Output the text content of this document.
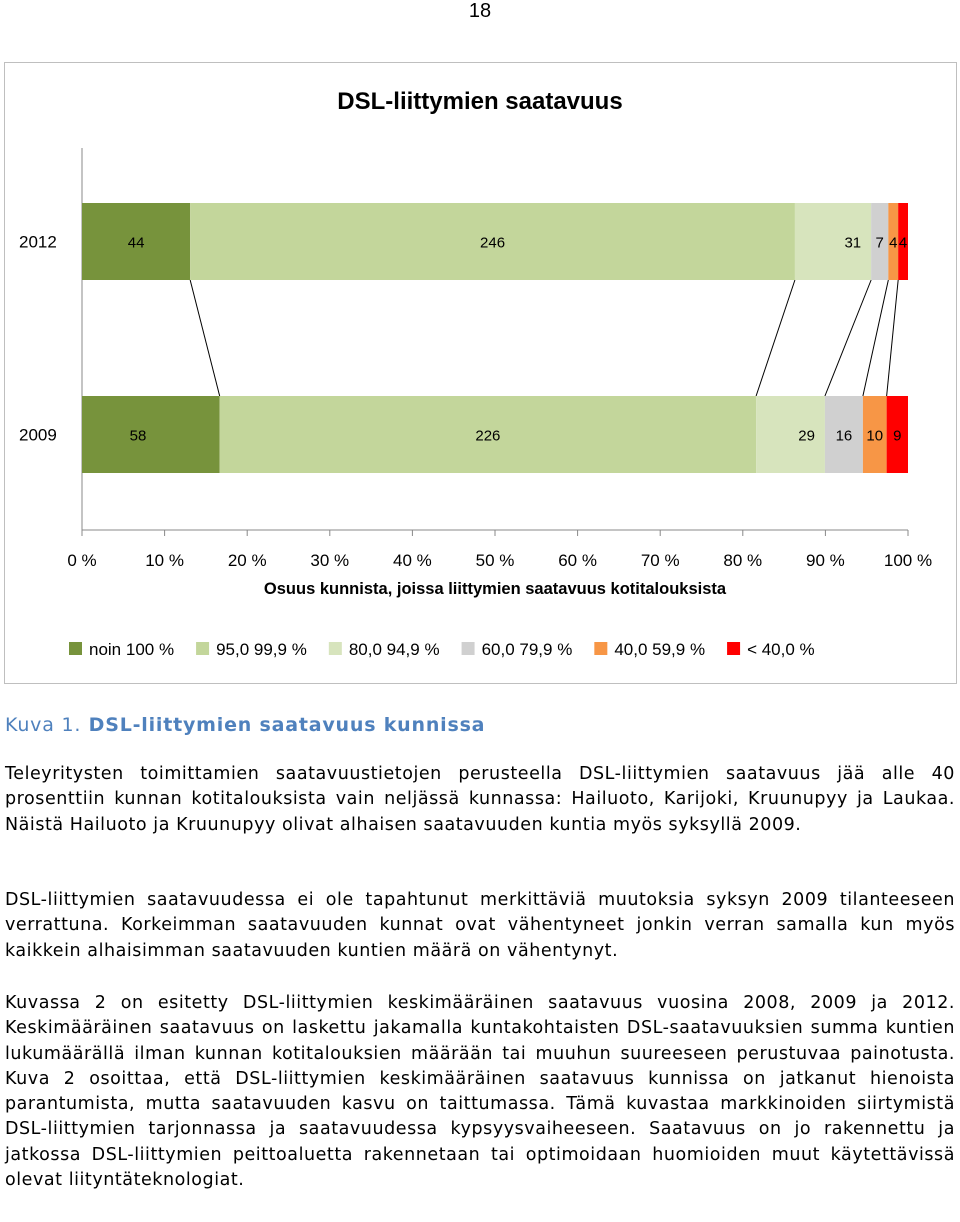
18
DSL-liittymien saatavuus
0 %	10 %	20 %	30 %	40 %	50 %	60 %	70 %	80 %	90 % 100 %
Osuus kunnista, joissa liittymien saatavuus kotitalouksista
2012	44	246	31 7 4 4
2009	58	226	29 16 10 9
noin 100 % 95,0 99,9 % 80,0 94,9 % 60,0 79,9 % 40,0 59,9 % < 40,0 %
Kuva 1. DSL-liittymien saatavuus kunnissa

Teleyritysten toimittamien saatavuustietojen perusteella DSL-liittymien saatavuus jää alle 40 prosenttiin kunnan kotitalouksista vain neljässä kunnassa: Hailuoto, Karijoki, Kruunupyy ja Laukaa. Näistä Hailuoto ja Kruunupyy olivat alhaisen saatavuuden kuntia myös syksyllä 2009.

DSL-liittymien saatavuudessa ei ole tapahtunut merkittäviä muutoksia syksyn 2009 tilanteeseen verrattuna. Korkeimman saatavuuden kunnat ovat vähentyneet jonkin verran samalla kun myös kaikkein alhaisimman saatavuuden kuntien määrä on vähentynyt.

Kuvassa 2 on esitetty DSL-liittymien keskimääräinen saatavuus vuosina 2008, 2009 ja 2012. Keskimääräinen saatavuus on laskettu jakamalla kuntakohtaisten DSL-saatavuuksien summa kuntien lukumäärällä ilman kunnan kotitalouksien määrään tai muuhun suureeseen perustuvaa painotusta. Kuva 2 osoittaa, että DSL-liittymien keskimääräinen saatavuus kunnissa on jatkanut hienoista parantumista, mutta saatavuuden kasvu on taittumassa. Tämä kuvastaa markkinoiden siirtymistä DSL-liittymien tarjonnassa ja saatavuudessa kypsyysvaiheeseen. Saatavuus on jo rakennettu ja jatkossa DSL-liittymien peittoaluetta rakennetaan tai optimoidaan huomioiden muut käytettävissä olevat liityntäteknologiat.
